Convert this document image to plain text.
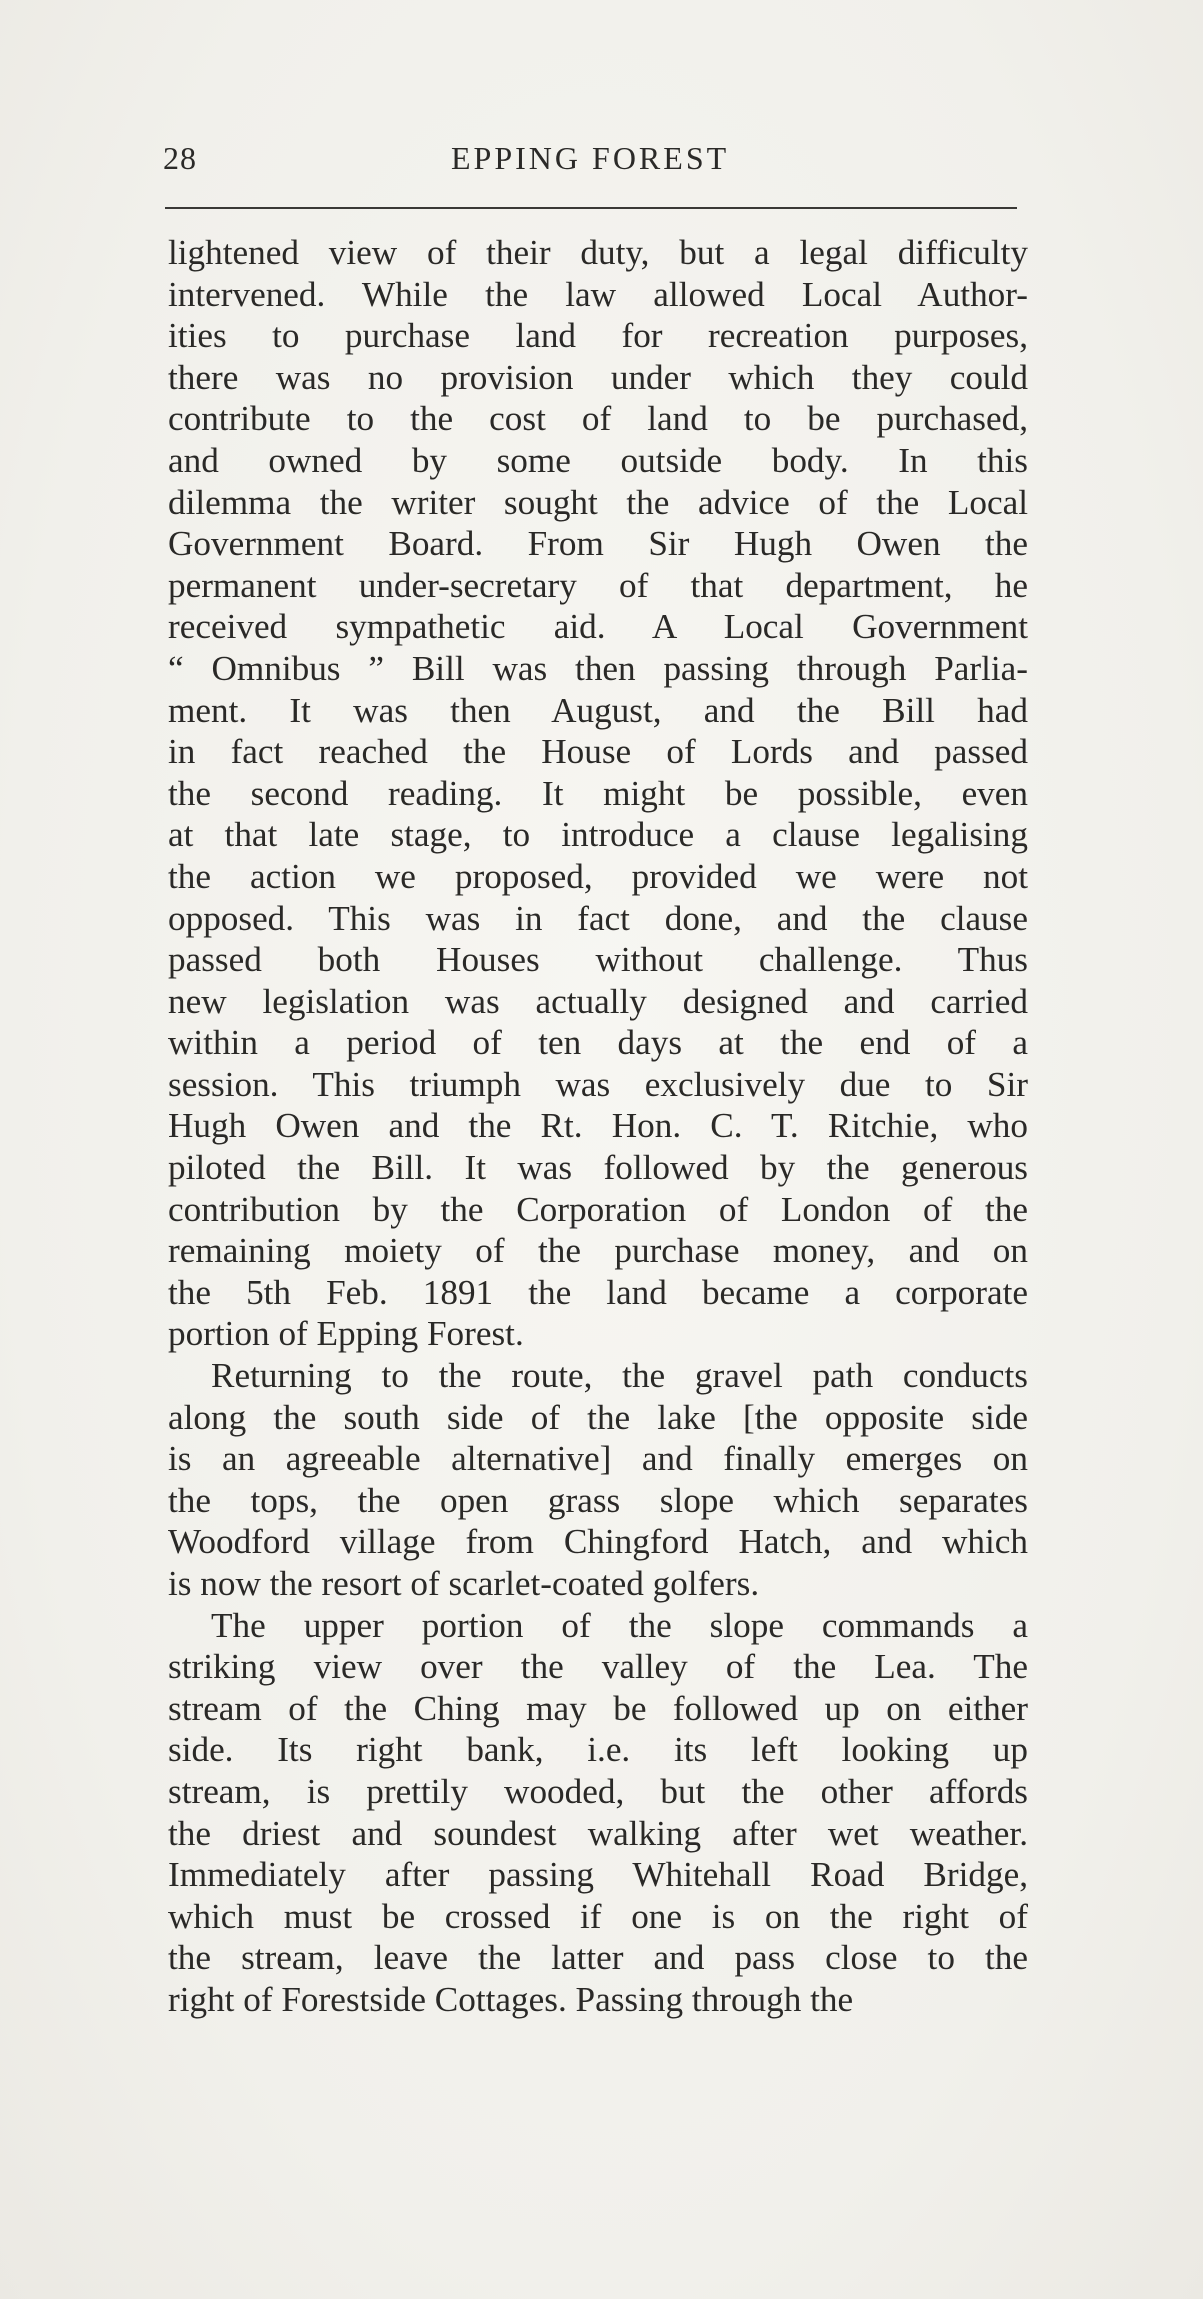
28	EPPING FOREST
lightened view of their duty, but a legal difficulty
intervened. While the law allowed Local Author-
ities to purchase land for recreation purposes,
there was no provision under which they could
contribute to the cost of land to be purchased,
and owned by some outside body. In this
dilemma the writer sought the advice of the Local
Government Board. From Sir Hugh Owen the
permanent under-secretary of that department, he
received sympathetic aid. A Local Government
“ Omnibus ” Bill was then passing through Parlia-
ment. It was then August, and the Bill had
in fact reached the House of Lords and passed
the second reading. It might be possible, even
at that late stage, to introduce a clause legalising
the action we proposed, provided we were not
opposed. This was in fact done, and the clause
passed both Houses without challenge. Thus
new legislation was actually designed and carried
within a period of ten days at the end of a
session. This triumph was exclusively due to Sir
Hugh Owen and the Rt. Hon. C. T. Ritchie, who
piloted the Bill. It was followed by the generous
contribution by the Corporation of London of the
remaining moiety of the purchase money, and on
the 5th Feb. 1891 the land became a corporate
portion of Epping Forest.
Returning to the route, the gravel path conducts
along the south side of the lake [the opposite side
is an agreeable alternative] and finally emerges on
the tops, the open grass slope which separates
Woodford village from Chingford Hatch, and which
is now the resort of scarlet-coated golfers.
The upper portion of the slope commands a
striking view over the valley of the Lea. The
stream of the Ching may be followed up on either
side. Its right bank, i.e. its left looking up
stream, is prettily wooded, but the other affords
the driest and soundest walking after wet weather.
Immediately after passing Whitehall Road Bridge,
which must be crossed if one is on the right of
the stream, leave the latter and pass close to the
right of Forestside Cottages. Passing through the
